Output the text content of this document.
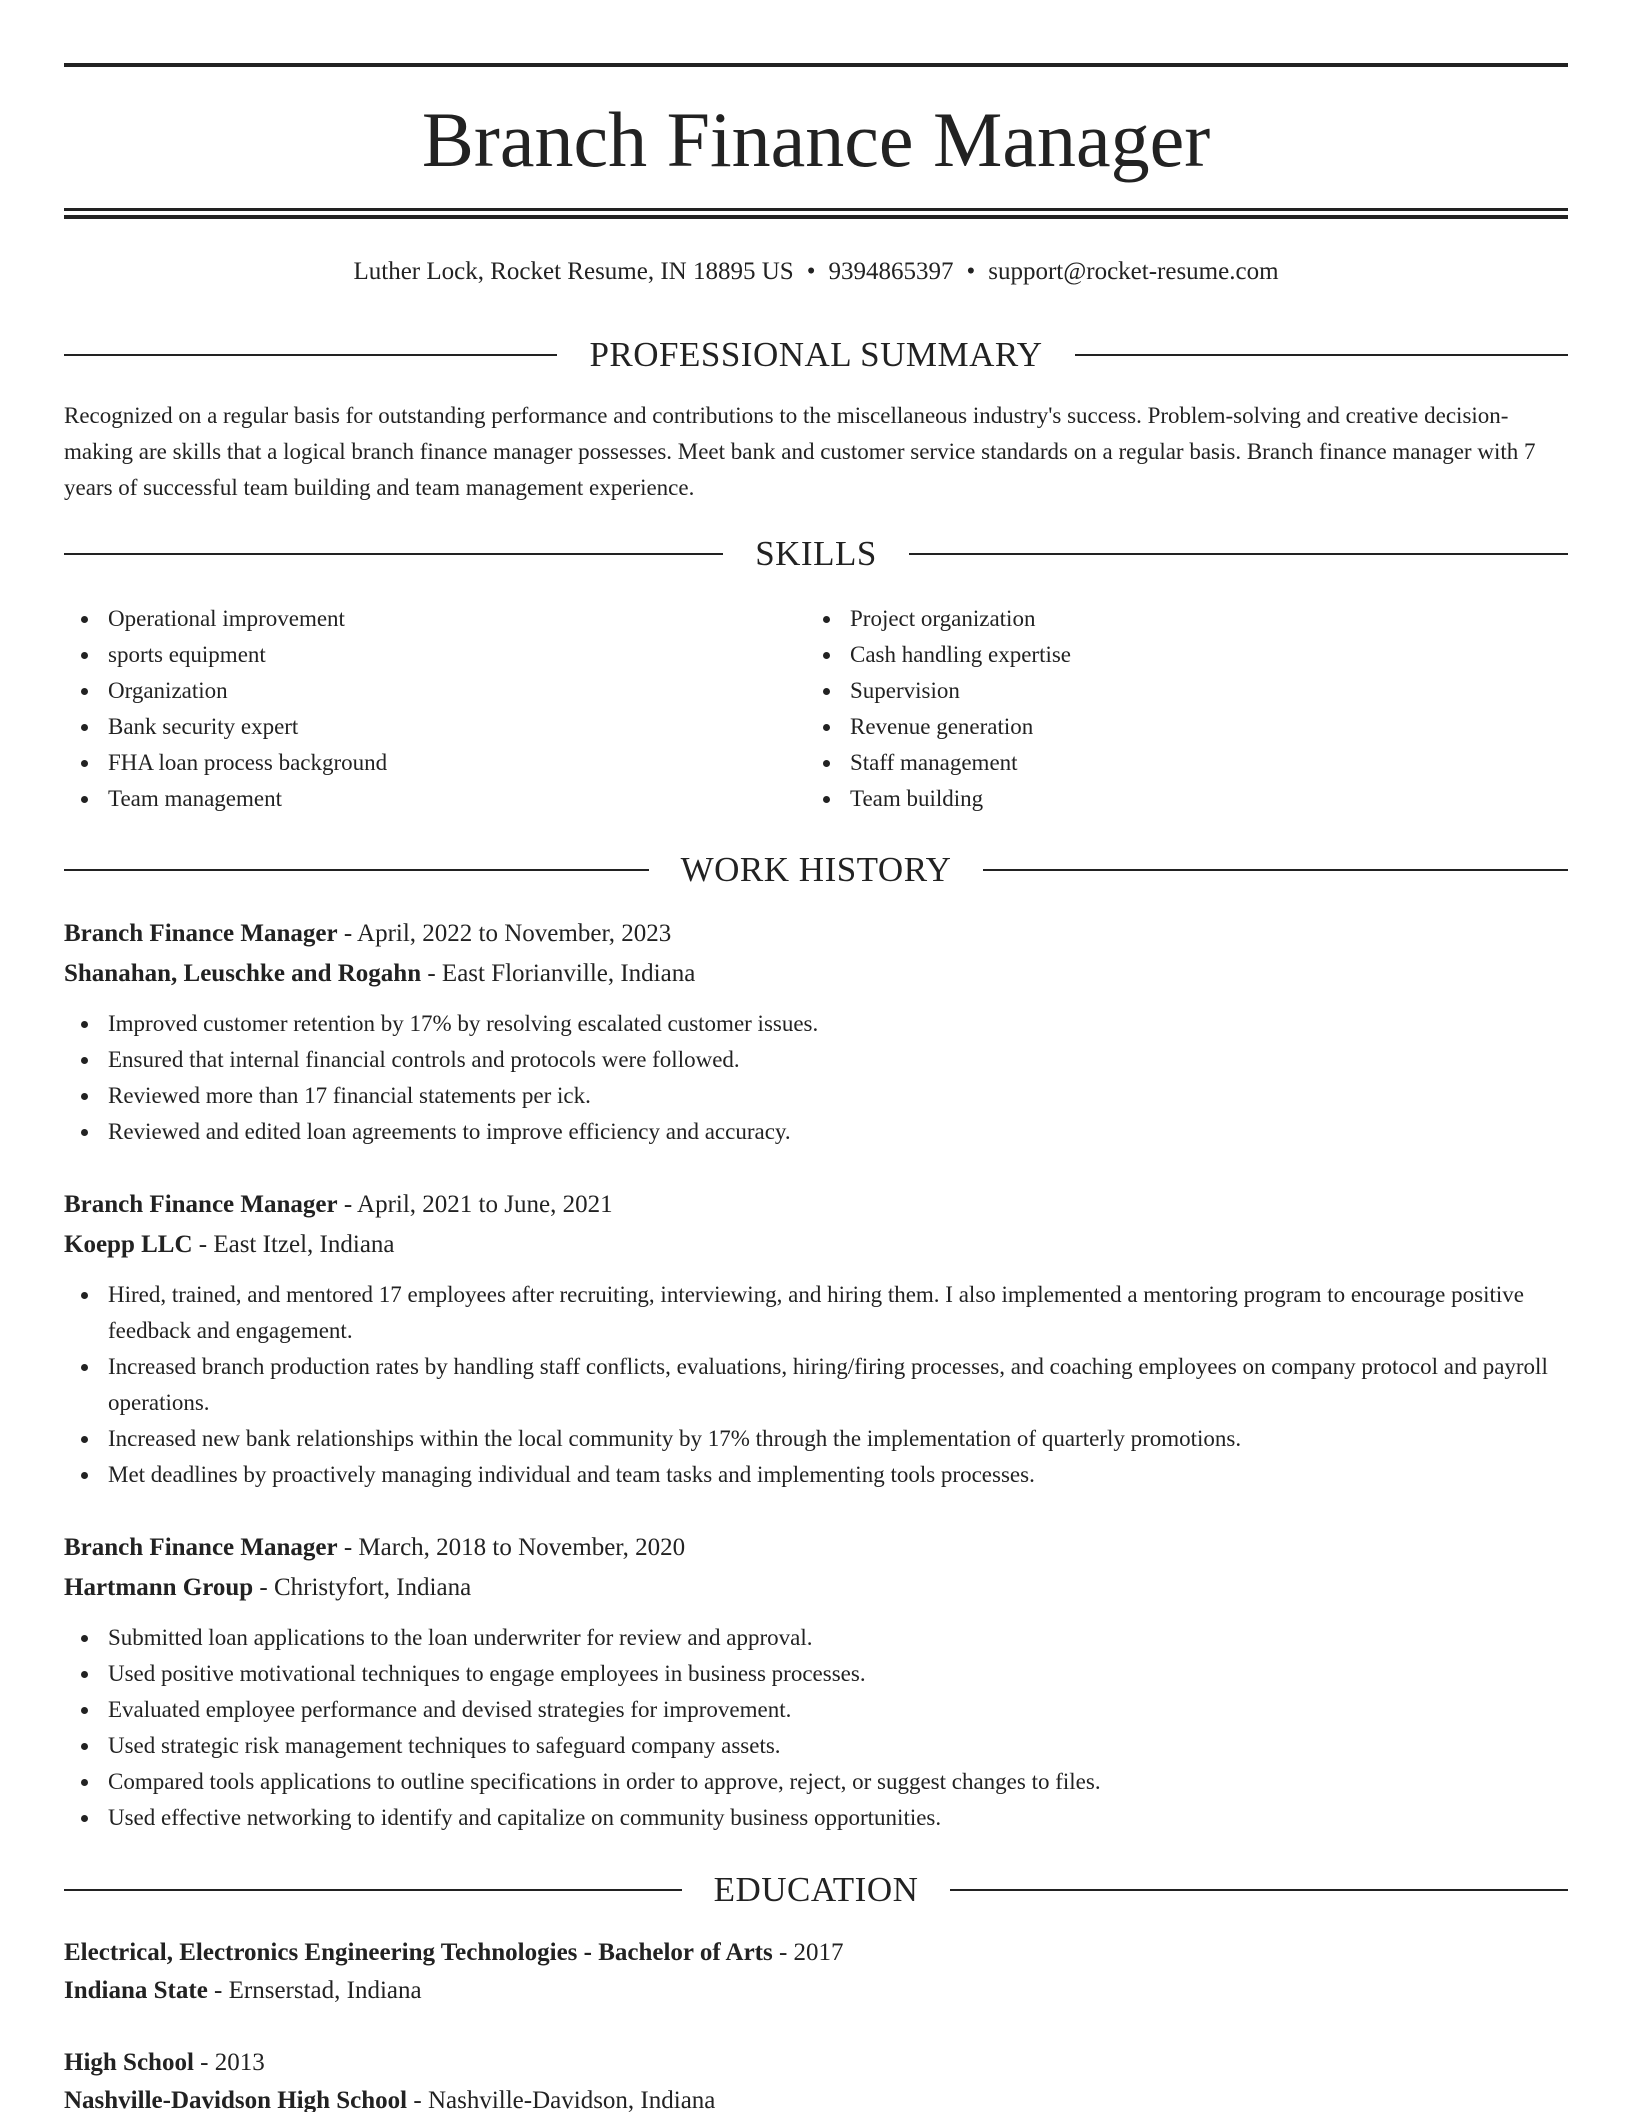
Branch Finance Manager
Luther Lock, Rocket Resume, IN 18895 US • 9394865397 • support@rocket-resume.com
PROFESSIONAL SUMMARY

Recognized on a regular basis for outstanding performance and contributions to the miscellaneous industry's success. Problem-solving and creative decision-making are skills that a logical branch finance manager possesses. Meet bank and customer service standards on a regular basis. Branch finance manager with 7 years of successful team building and team management experience.

SKILLS
Operational improvement
sports equipment
Organization
Bank security expert
FHA loan process background
Team management
Project organization
Cash handling expertise
Supervision
Revenue generation
Staff management
Team building
WORK HISTORY
Branch Finance Manager - April, 2022 to November, 2023
Shanahan, Leuschke and Rogahn - East Florianville, Indiana
Improved customer retention by 17% by resolving escalated customer issues.
Ensured that internal financial controls and protocols were followed.
Reviewed more than 17 financial statements per ick.
Reviewed and edited loan agreements to improve efficiency and accuracy.
Branch Finance Manager - April, 2021 to June, 2021
Koepp LLC - East Itzel, Indiana
Hired, trained, and mentored 17 employees after recruiting, interviewing, and hiring them. I also implemented a mentoring program to encourage positive feedback and engagement.
Increased branch production rates by handling staff conflicts, evaluations, hiring/firing processes, and coaching employees on company protocol and payroll operations.
Increased new bank relationships within the local community by 17% through the implementation of quarterly promotions.
Met deadlines by proactively managing individual and team tasks and implementing tools processes.
Branch Finance Manager - March, 2018 to November, 2020
Hartmann Group - Christyfort, Indiana
Submitted loan applications to the loan underwriter for review and approval.
Used positive motivational techniques to engage employees in business processes.
Evaluated employee performance and devised strategies for improvement.
Used strategic risk management techniques to safeguard company assets.
Compared tools applications to outline specifications in order to approve, reject, or suggest changes to files.
Used effective networking to identify and capitalize on community business opportunities.
EDUCATION
Electrical, Electronics Engineering Technologies - Bachelor of Arts - 2017
Indiana State - Ernserstad, Indiana
High School - 2013
Nashville-Davidson High School - Nashville-Davidson, Indiana
